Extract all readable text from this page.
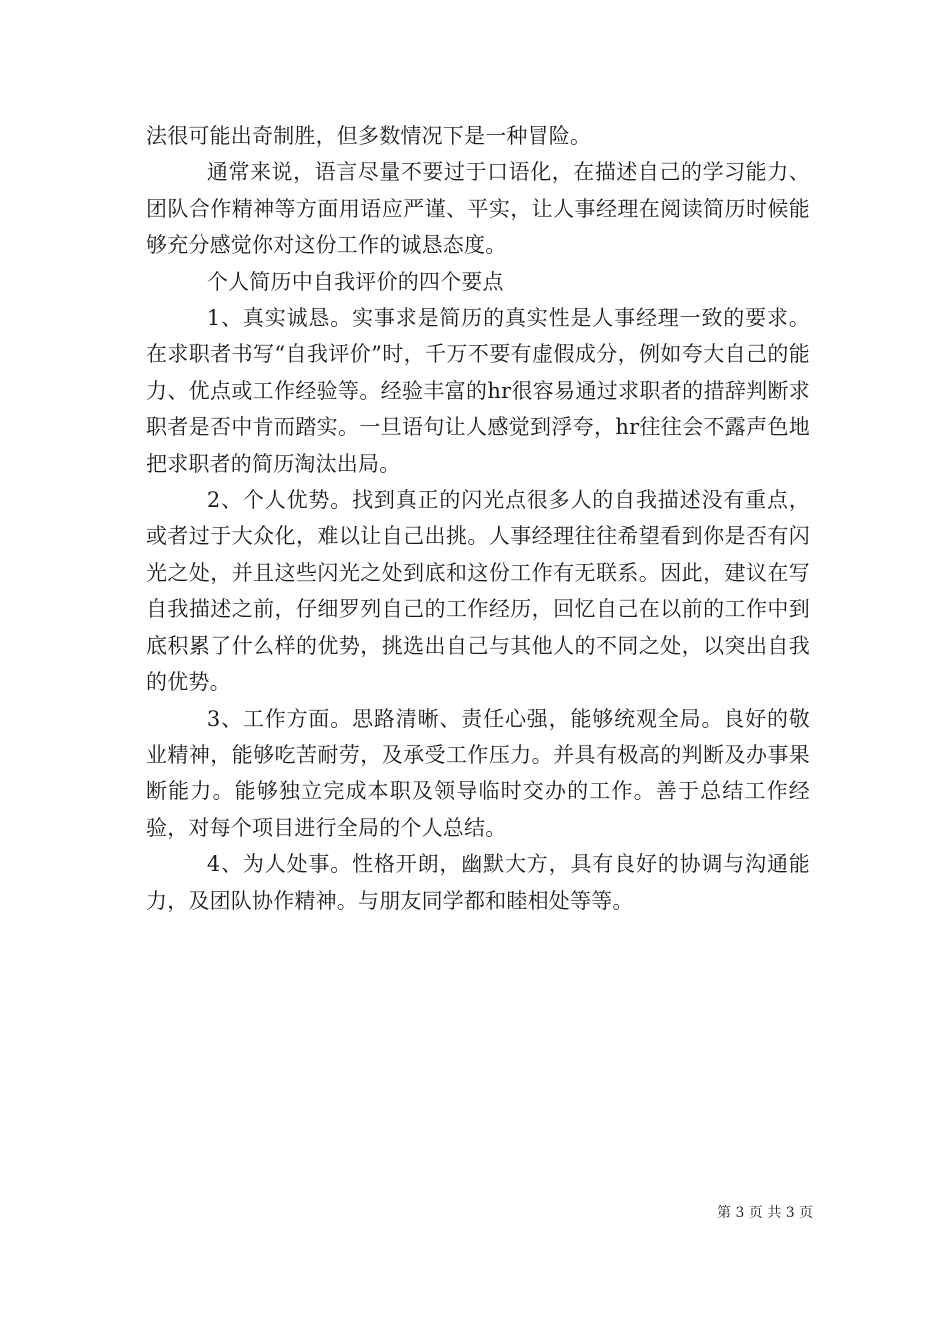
法很可能出奇制胜，但多数情况下是一种冒险。

通常来说，语言尽量不要过于口语化，在描述自己的学习能力、团队合作精神等方面用语应严谨、平实，让人事经理在阅读简历时候能够充分感觉你对这份工作的诚恳态度。

个人简历中自我评价的四个要点

1、真实诚恳。实事求是简历的真实性是人事经理一致的要求。在求职者书写“自我评价”时，千万不要有虚假成分，例如夸大自己的能力、优点或工作经验等。经验丰富的hr很容易通过求职者的措辞判断求职者是否中肯而踏实。一旦语句让人感觉到浮夸，hr往往会不露声色地把求职者的简历淘汰出局。

2、个人优势。找到真正的闪光点很多人的自我描述没有重点，或者过于大众化，难以让自己出挑。人事经理往往希望看到你是否有闪光之处，并且这些闪光之处到底和这份工作有无联系。因此，建议在写自我描述之前，仔细罗列自己的工作经历，回忆自己在以前的工作中到底积累了什么样的优势，挑选出自己与其他人的不同之处，以突出自我的优势。

3、工作方面。思路清晰、责任心强，能够统观全局。良好的敬业精神，能够吃苦耐劳，及承受工作压力。并具有极高的判断及办事果断能力。能够独立完成本职及领导临时交办的工作。善于总结工作经验，对每个项目进行全局的个人总结。

4、为人处事。性格开朗，幽默大方，具有良好的协调与沟通能力，及团队协作精神。与朋友同学都和睦相处等等。

第 3 页 共 3 页
